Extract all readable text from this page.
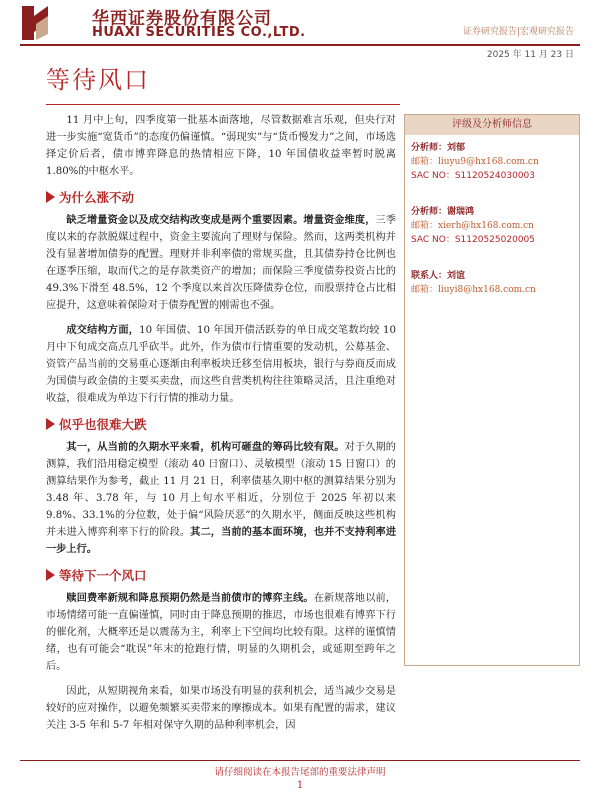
华西证券股份有限公司
HUAXI SECURITIES CO.,LTD.	证券研究报告|宏观研究报告
2025 年 11 月 23 日
等待风口

11 月中上旬，四季度第一批基本面落地，尽管数据难言乐观，但央行对进一步实施“宽货币”的态度仍偏谨慎。“弱现实”与“货币慢发力”之间，市场选择定价后者，债市博弈降息的热情相应下降，10 年国债收益率暂时脱离 1.80%的中枢水平。

为什么涨不动

缺乏增量资金以及成交结构改变成是两个重要因素。增量资金维度，三季度以来的存款脱媒过程中，资金主要流向了理财与保险。然而，这两类机构并没有显著增加债券的配置。理财并非利率债的常规买盘，且其债券持仓比例也在逐季压缩，取而代之的是存款类资产的增加；而保险三季度债券投资占比的 49.3%下滑至 48.5%，12 个季度以来首次压降债券仓位，而股票持仓占比相应提升，这意味着保险对于债券配置的刚需也不强。

成交结构方面，10 年国债、10 年国开债活跃券的单日成交笔数均较 10 月中下旬成交高点几乎砍半。此外，作为债市行情重要的发动机，公募基金、资管产品当前的交易重心逐渐由利率板块迁移至信用板块，银行与券商反而成为国债与政金债的主要买卖盘，而这些自营类机构往往策略灵活，且注重绝对收益，很难成为单边下行行情的推动力量。

似乎也很难大跌

其一，从当前的久期水平来看，机构可砸盘的筹码比较有限。对于久期的测算，我们沿用稳定模型（滚动 40 日窗口）、灵敏模型（滚动 15 日窗口）的测算结果作为参考，截止 11 月 21 日，利率债基久期中枢的测算结果分别为 3.48 年、3.78 年，与 10 月上旬水平相近，分别位于 2025 年初以来 9.8%、33.1%的分位数，处于偏“风险厌恶”的久期水平，侧面反映这些机构并未进入博弈利率下行的阶段。其二，当前的基本面环境，也并不支持利率进一步上行。

等待下一个风口

赎回费率新规和降息预期仍然是当前债市的博弈主线。在新规落地以前，市场情绪可能一直偏谨慎，同时由于降息预期的推迟，市场也很难有博弈下行的催化剂，大概率还是以震荡为主，利率上下空间均比较有限。这样的谨慎情绪，也有可能会“耽误”年末的抢跑行情，明显的久期机会，或延期至跨年之后。

因此，从短期视角来看，如果市场没有明显的获利机会，适当减少交易是较好的应对操作，以避免频繁买卖带来的摩擦成本。如果有配置的需求，建议关注 3-5 年和 5-7 年相对保守久期的品种利率机会，因

评级及分析师信息
分析师：刘郁
邮箱：liuyu9@hx168.com.cn
SAC NO：S1120524030003
分析师：谢瑞鸿
邮箱：xierh@hx168.com.cn
SAC NO：S1120525020005
联系人：刘谊
邮箱：liuyi8@hx168.com.cn
请仔细阅读在本报告尾部的重要法律声明
1
